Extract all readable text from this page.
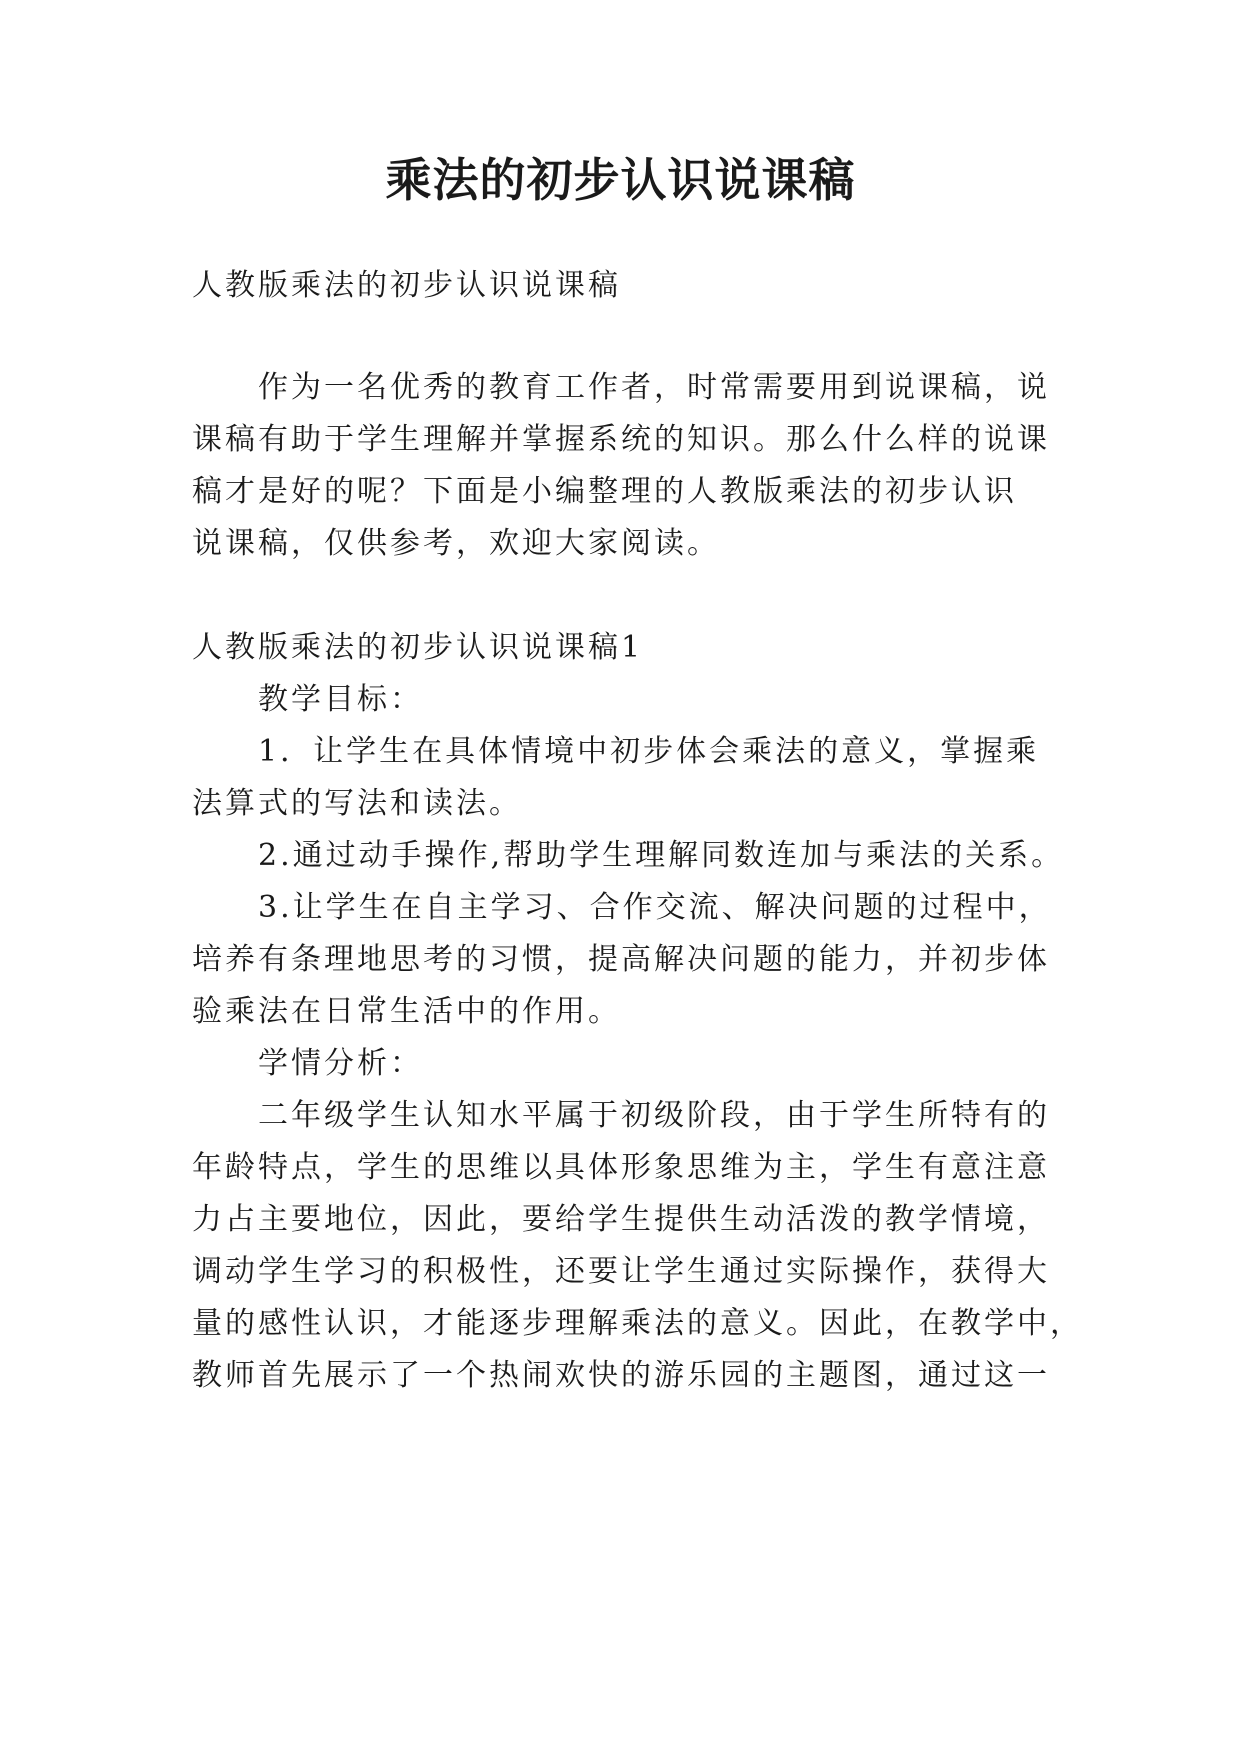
乘法的初步认识说课稿
人教版乘法的初步认识说课稿
作为一名优秀的教育工作者，时常需要用到说课稿，说
课稿有助于学生理解并掌握系统的知识。那么什么样的说课
稿才是好的呢？下面是小编整理的人教版乘法的初步认识
说课稿，仅供参考，欢迎大家阅读。
人教版乘法的初步认识说课稿1
教学目标：
1．让学生在具体情境中初步体会乘法的意义，掌握乘
法算式的写法和读法。
2.通过动手操作,帮助学生理解同数连加与乘法的关系。
3.让学生在自主学习、合作交流、解决问题的过程中，
培养有条理地思考的习惯，提高解决问题的能力，并初步体
验乘法在日常生活中的作用。
学情分析：
二年级学生认知水平属于初级阶段，由于学生所特有的
年龄特点，学生的思维以具体形象思维为主，学生有意注意
力占主要地位，因此，要给学生提供生动活泼的教学情境，
调动学生学习的积极性，还要让学生通过实际操作，获得大
量的感性认识，才能逐步理解乘法的意义。因此，在教学中，
教师首先展示了一个热闹欢快的游乐园的主题图，通过这一
